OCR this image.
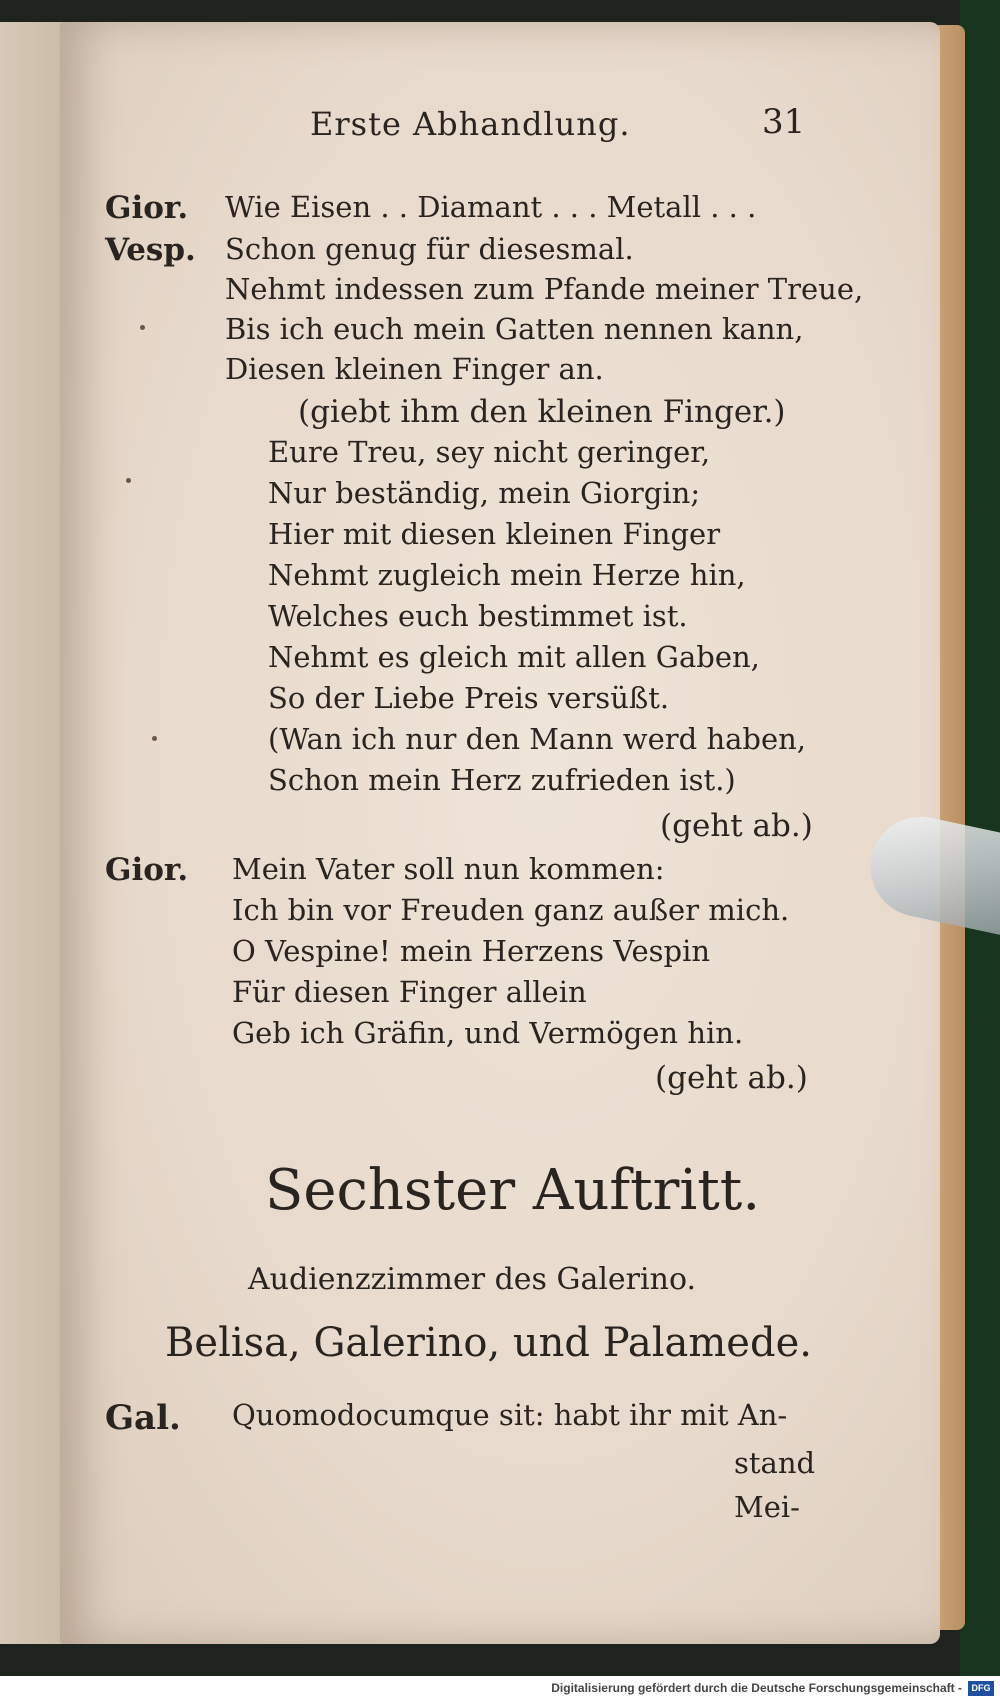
Erste Abhandlung.	31
Gior. Wie Eisen . . Diamant . . . Metall . . .
Vesp. Schon genug für diesesmal.
Nehmt indessen zum Pfande meiner Treue,
Bis ich euch mein Gatten nennen kann,
Diesen kleinen Finger an.
(giebt ihm den kleinen Finger.)
Eure Treu, sey nicht geringer,
Nur beständig, mein Giorgin;
Hier mit diesen kleinen Finger
Nehmt zugleich mein Herze hin,
Welches euch bestimmet ist.
Nehmt es gleich mit allen Gaben,
So der Liebe Preis versüßt.
(Wan ich nur den Mann werd haben,
Schon mein Herz zufrieden ist.)
(geht ab.)
Gior. Mein Vater soll nun kommen:
Ich bin vor Freuden ganz außer mich.
O Vespine! mein Herzens Vespin
Für diesen Finger allein
Geb ich Gräfin, und Vermögen hin.
(geht ab.)
Sechster Auftritt.
Audienzzimmer des Galerino.
Belisa, Galerino, und Palamede.
Gal. Quomodocumque sit: habt ihr mit An-
stand
Mei-
Digitalisierung gefördert durch die Deutsche Forschungsgemeinschaft -	DFG
